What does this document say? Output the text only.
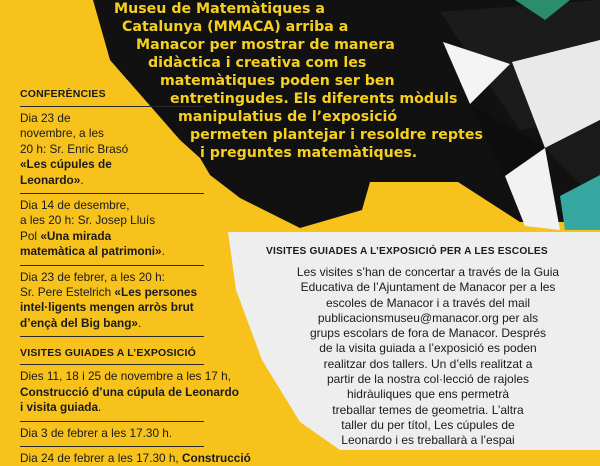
Museu de Matemàtiques a
Catalunya (MMACA) arriba a
Manacor per mostrar de manera
didàctica i creativa com les
matemàtiques poden ser ben
entretingudes. Els diferents mòduls
manipulatius de l’exposició
permeten plantejar i resoldre reptes
i preguntes matemàtiques.
CONFERÈNCIES
Dia 23 de
novembre, a les
20 h: Sr. Enric Brasó
«Les cúpules de
Leonardo».
Dia 14 de desembre,
a les 20 h: Sr. Josep Lluís
Pol «Una mirada
matemàtica al patrimoni».
Dia 23 de febrer, a les 20 h:
Sr. Pere Estelrich «Les persones
intel·ligents mengen arròs brut
d’ençà del Big bang».
VISITES GUIADES A L’EXPOSICIÓ
Dies 11, 18 i 25 de novembre a les 17 h,
Construcció d’una cúpula de Leonardo
i visita guiada.
Dia 3 de febrer a les 17.30 h.
Dia 24 de febrer a les 17.30 h, Construcció
VISITES GUIADES A L’EXPOSICIÓ PER A LES ESCOLES
Les visites s’han de concertar a través de la Guia
Educativa de l’Ajuntament de Manacor per a les
escoles de Manacor i a través del mail
publicacionsmuseu@manacor.org per als
grups escolars de fora de Manacor. Després
de la visita guiada a l’exposició es poden
realitzar dos tallers. Un d’ells realitzat a
partir de la nostra col·lecció de rajoles
hidràuliques que ens permetrà
treballar temes de geometria. L’altra
taller du per títol, Les cúpules de
Leonardo i es treballarà a l’espai
